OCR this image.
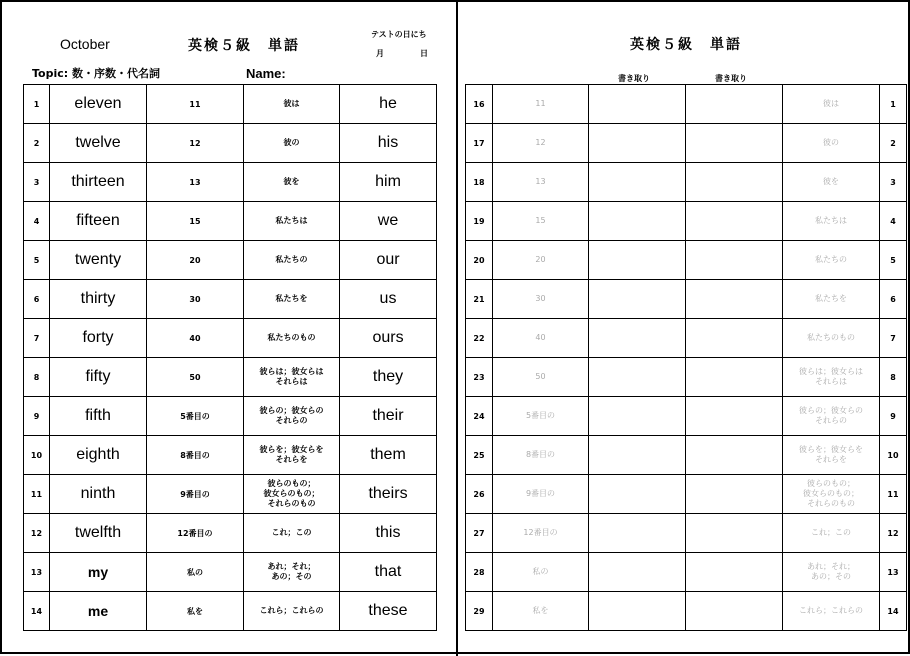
October	英検５級　単語
テストの日にち
月	日
Topic: 数・序数・代名詞	Name:
英検５級　単語
書き取り	書き取り
1	eleven	11	彼は	he
2	twelve	12	彼の	his
3	thirteen	13	彼を	him
4	fifteen	15	私たちは	we
5	twenty	20	私たちの	our
6	thirty	30	私たちを	us
7	forty	40	私たちのもの	ours
8	fifty	50	彼らは；彼女らは
それらは	they
9	fifth	5番目の	彼らの；彼女らの
それらの	their
10	eighth	8番目の	彼らを；彼女らを
それらを	them
11	ninth	9番目の	彼らのもの；
彼女らのもの；
それらのもの	theirs
12	twelfth	12番目の	これ；この	this
13	my	私の	あれ；それ；
あの；その	that
14	me	私を	これら；これらの	these
16	11			彼は	1
17	12			彼の	2
18	13			彼を	3
19	15			私たちは	4
20	20			私たちの	5
21	30			私たちを	6
22	40			私たちのもの	7
23	50			彼らは；彼女らは
それらは	8
24	5番目の			彼らの；彼女らの
それらの	9
25	8番目の			彼らを；彼女らを
それらを	10
26	9番目の			彼らのもの；
彼女らのもの；
それらのもの	11
27	12番目の			これ；この	12
28	私の			あれ；それ；
あの；その	13
29	私を			これら；これらの	14
